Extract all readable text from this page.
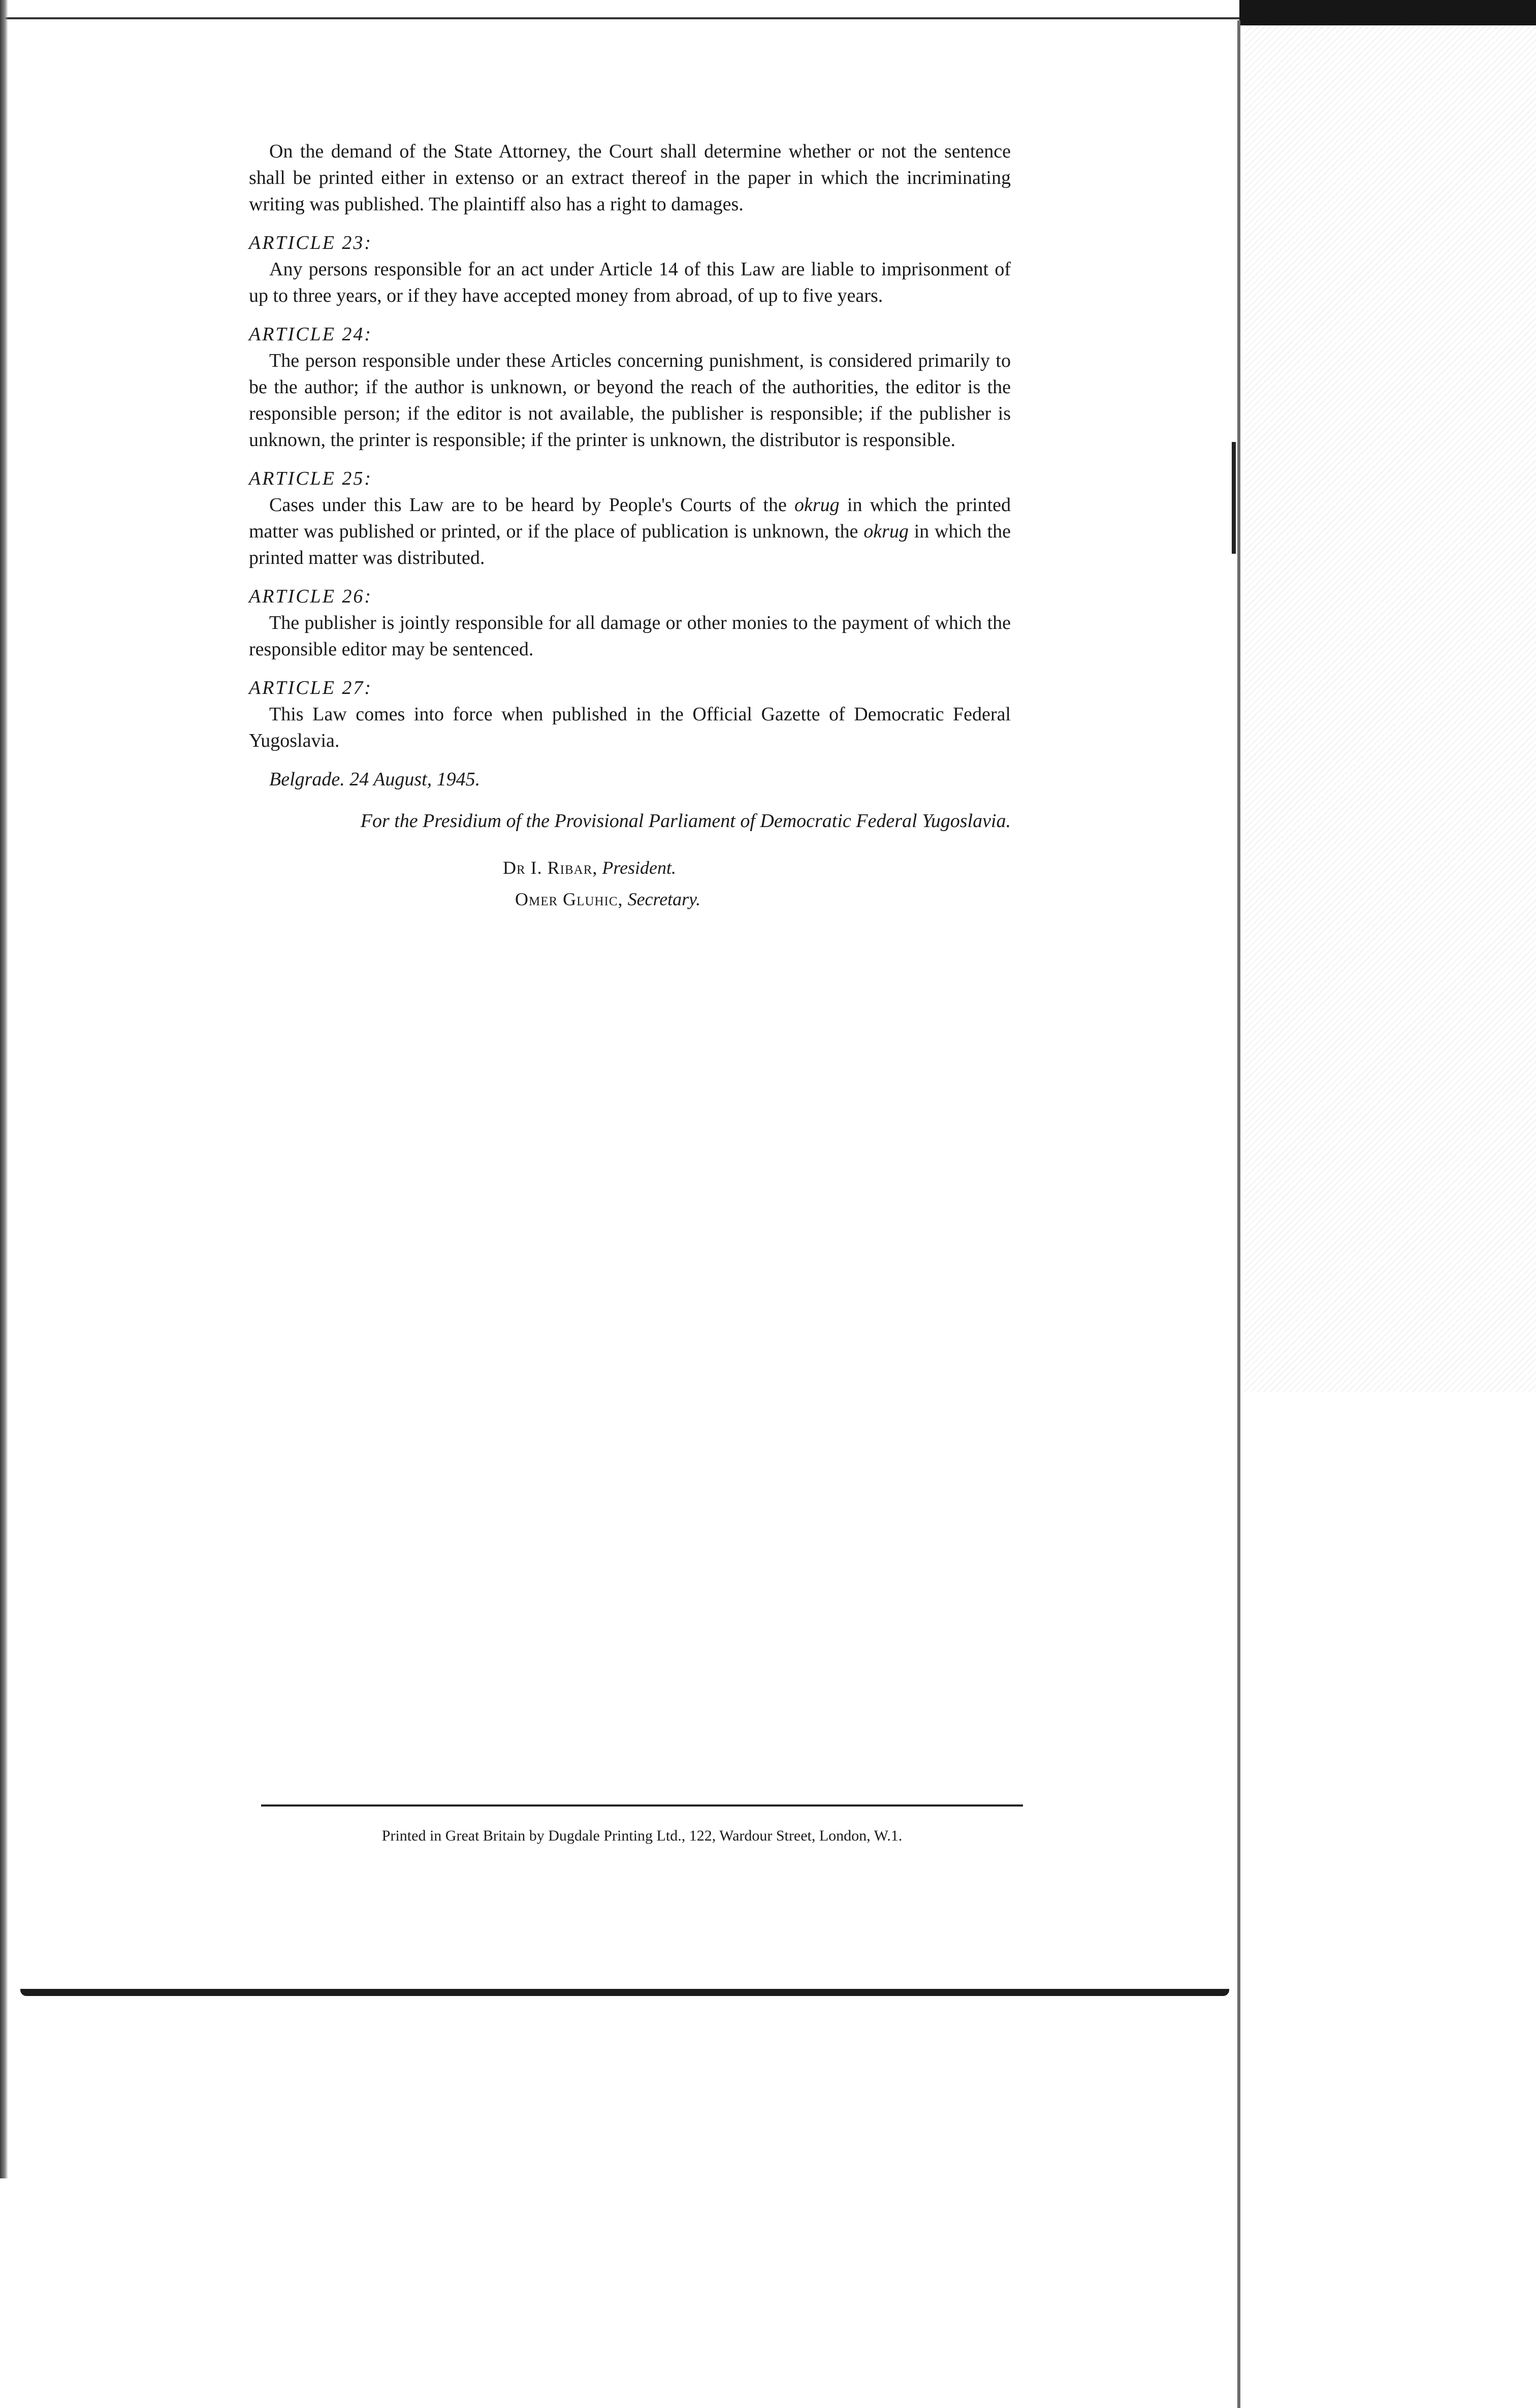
On the demand of the State Attorney, the Court shall determine whether or not the sentence shall be printed either in extenso or an extract thereof in the paper in which the incriminating writing was published. The plaintiff also has a right to damages.

ARTICLE 23:

Any persons responsible for an act under Article 14 of this Law are liable to imprisonment of up to three years, or if they have accepted money from abroad, of up to five years.

ARTICLE 24:

The person responsible under these Articles concerning punishment, is considered primarily to be the author; if the author is unknown, or beyond the reach of the authorities, the editor is the responsible person; if the editor is not available, the publisher is responsible; if the publisher is unknown, the printer is responsible; if the printer is unknown, the distributor is responsible.

ARTICLE 25:

Cases under this Law are to be heard by People's Courts of the okrug in which the printed matter was published or printed, or if the place of publication is unknown, the okrug in which the printed matter was distributed.

ARTICLE 26:

The publisher is jointly responsible for all damage or other monies to the payment of which the responsible editor may be sentenced.

ARTICLE 27:

This Law comes into force when published in the Official Gazette of Democratic Federal Yugoslavia.

Belgrade. 24 August, 1945.
For the Presidium of the Provisional Parliament of Democratic Federal Yugoslavia.
Dr I. Ribar, President.
Omer Gluhic, Secretary.
Printed in Great Britain by Dugdale Printing Ltd., 122, Wardour Street, London, W.1.
